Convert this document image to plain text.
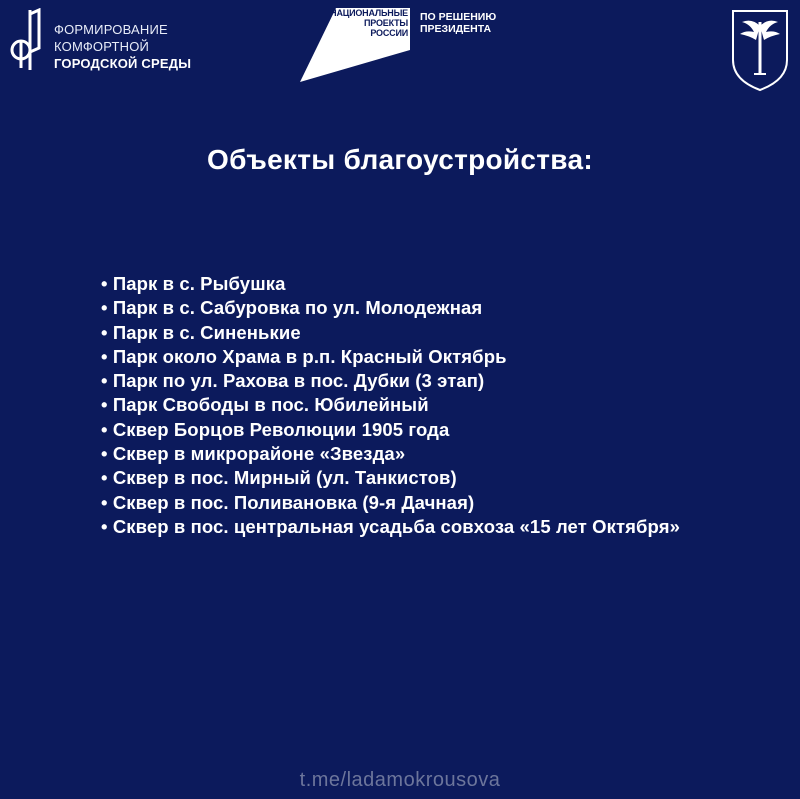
ФОРМИРОВАНИЕ
КОМФОРТНОЙ
ГОРОДСКОЙ СРЕДЫ
НАЦИОНАЛЬНЫЕ
ПРОЕКТЫ
РОССИИ
ПО РЕШЕНИЮ
ПРЕЗИДЕНТА
Объекты благоустройства:
• Парк в с. Рыбушка
• Парк в с. Сабуровка по ул. Молодежная
• Парк в с. Синенькие
• Парк около Храма в р.п. Красный Октябрь
• Парк по ул. Рахова в пос. Дубки (3 этап)
• Парк Свободы в пос. Юбилейный
• Сквер Борцов Революции 1905 года
• Сквер в микрорайоне «Звезда»
• Сквер в пос. Мирный (ул. Танкистов)
• Сквер в пос. Поливановка (9-я Дачная)
• Сквер в пос. центральная усадьба совхоза «15 лет Октября»
t.me/ladamokrousova
